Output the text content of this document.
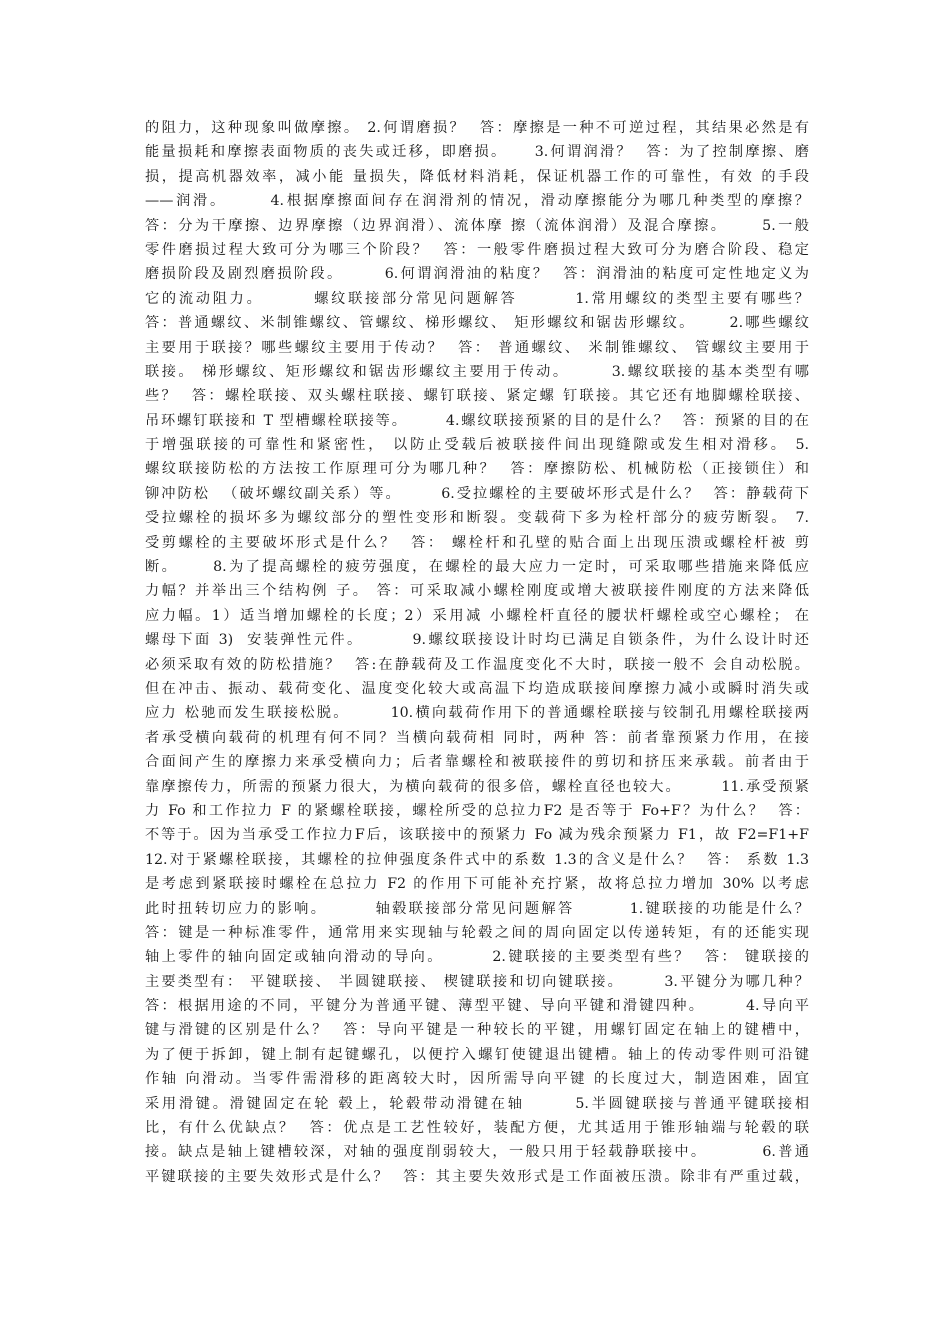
的阻力，这种现象叫做摩擦。 2.何谓磨损？  答：摩擦是一种不可逆过程，其结果必然是有
能量损耗和摩擦表面物质的丧失或迁移，即磨损。    3.何谓润滑？  答：为了控制摩擦、磨
损，提高机器效率，减小能 量损失，降低材料消耗，保证机器工作的可靠性，有效 的手段
——润滑。      4.根据摩擦面间存在润滑剂的情况，滑动摩擦能分为哪几种类型的摩擦？
答：分为干摩擦、边界摩擦（边界润滑）、流体摩 擦（流体润滑）及混合摩擦。     5.一般
零件磨损过程大致可分为哪三个阶段？  答：一般零件磨损过程大致可分为磨合阶段、稳定
磨损阶段及剧烈磨损阶段。      6.何谓润滑油的粘度？  答：润滑油的粘度可定性地定义为
它的流动阻力。       螺纹联接部分常见问题解答        1.常用螺纹的类型主要有哪些？
答：普通螺纹、米制锥螺纹、管螺纹、梯形螺纹、 矩形螺纹和锯齿形螺纹。     2.哪些螺纹
主要用于联接？哪些螺纹主要用于传动？  答： 普通螺纹、 米制锥螺纹、 管螺纹主要用于
联接。 梯形螺纹、矩形螺纹和锯齿形螺纹主要用于传动。      3.螺纹联接的基本类型有哪
些？  答：螺栓联接、双头螺柱联接、螺钉联接、紧定螺 钉联接。其它还有地脚螺栓联接、
吊环螺钉联接和 T 型槽螺栓联接等。      4.螺纹联接预紧的目的是什么？  答：预紧的目的在
于增强联接的可靠性和紧密性， 以防止受载后被联接件间出现缝隙或发生相对滑移。 5.
螺纹联接防松的方法按工作原理可分为哪几种？  答：摩擦防松、机械防松（正接锁住）和
铆冲防松  （破坏螺纹副关系）等。      6.受拉螺栓的主要破坏形式是什么？  答：静载荷下
受拉螺栓的损坏多为螺纹部分的塑性变形和断裂。变载荷下多为栓杆部分的疲劳断裂。 7.
受剪螺栓的主要破坏形式是什么？  答： 螺栓杆和孔壁的贴合面上出现压溃或螺栓杆被 剪
断。     8.为了提高螺栓的疲劳强度，在螺栓的最大应力一定时，可采取哪些措施来降低应
力幅？并举出三个结构例 子。 答：可采取减小螺栓刚度或增大被联接件刚度的方法来降低
应力幅。1）适当增加螺栓的长度；2）采用减 小螺栓杆直径的腰状杆螺栓或空心螺栓； 在
螺母下面 3)  安装弹性元件。       9.螺纹联接设计时均已满足自锁条件，为什么设计时还
必须采取有效的防松措施？  答:在静载荷及工作温度变化不大时，联接一般不 会自动松脱。
但在冲击、振动、载荷变化、温度变化较大或高温下均造成联接间摩擦力减小或瞬时消失或
应力 松驰而发生联接松脱。      10.横向载荷作用下的普通螺栓联接与铰制孔用螺栓联接两
者承受横向载荷的机理有何不同？当横向载荷相 同时，两种 答：前者靠预紧力作用，在接
合面间产生的摩擦力来承受横向力；后者靠螺栓和被联接件的剪切和挤压来承载。前者由于
靠摩擦传力，所需的预紧力很大，为横向载荷的很多倍，螺栓直径也较大。      11.承受预紧
力 Fo 和工作拉力 F 的紧螺栓联接，螺栓所受的总拉力F2 是否等于 Fo+F？为什么？  答：
不等于。因为当承受工作拉力F后，该联接中的预紧力 Fo 减为残余预紧力 F1，故 F2=F1+F
12.对于紧螺栓联接，其螺栓的拉伸强度条件式中的系数 1.3的含义是什么？  答： 系数 1.3
是考虑到紧联接时螺栓在总拉力 F2 的作用下可能补充拧紧，故将总拉力增加 30% 以考虑
此时扭转切应力的影响。       轴毂联接部分常见问题解答        1.键联接的功能是什么？
答：键是一种标准零件，通常用来实现轴与轮毂之间的周向固定以传递转矩，有的还能实现
轴上零件的轴向固定或轴向滑动的导向。       2.键联接的主要类型有些？  答： 键联接的
主要类型有： 平键联接、 半圆键联接、 楔键联接和切向键联接。      3.平键分为哪几种？
答：根据用途的不同，平键分为普通平键、薄型平键、导向平键和滑键四种。      4.导向平
键与滑键的区别是什么？  答：导向平键是一种较长的平键，用螺钉固定在轴上的键槽中，
为了便于拆卸，键上制有起键螺孔，以便拧入螺钉使键退出键槽。轴上的传动零件则可沿键
作轴 向滑动。当零件需滑移的距离较大时，因所需导向平键 的长度过大，制造困难，固宜
采用滑键。滑键固定在轮 毂上，轮毂带动滑键在轴       5.半圆键联接与普通平键联接相
比，有什么优缺点？  答：优点是工艺性较好，装配方便，尤其适用于锥形轴端与轮毂的联
接。缺点是轴上键槽较深，对轴的强度削弱较大，一般只用于轻载静联接中。        6.普通
平键联接的主要失效形式是什么？  答：其主要失效形式是工作面被压溃。除非有严重过载，
